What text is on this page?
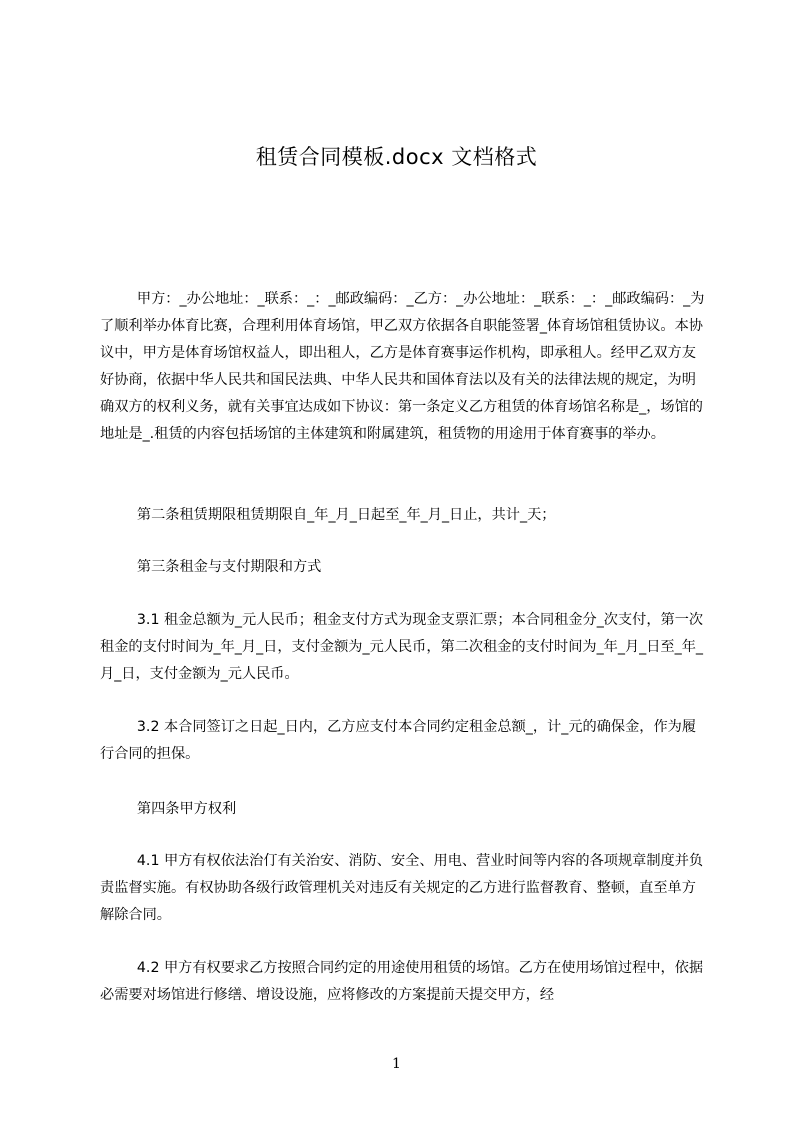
租赁合同模板.docx 文档格式

甲方：_办公地址：_联系：_：_邮政编码：_乙方：_办公地址：_联系：_：_邮政编码：_为了顺利举办体育比赛，合理利用体育场馆，甲乙双方依据各自职能签署_体育场馆租赁协议。本协议中，甲方是体育场馆权益人，即出租人，乙方是体育赛事运作机构，即承租人。经甲乙双方友好协商，依据中华人民共和国民法典、中华人民共和国体育法以及有关的法律法规的规定，为明确双方的权利义务，就有关事宜达成如下协议：第一条定义乙方租赁的体育场馆名称是_，场馆的地址是_.租赁的内容包括场馆的主体建筑和附属建筑，租赁物的用途用于体育赛事的举办。

第二条租赁期限租赁期限自_年_月_日起至_年_月_日止，共计_天；

第三条租金与支付期限和方式

3.1 租金总额为_元人民币；租金支付方式为现金支票汇票；本合同租金分_次支付，第一次租金的支付时间为_年_月_日，支付金额为_元人民币，第二次租金的支付时间为_年_月_日至_年_月_日，支付金额为_元人民币。

3.2 本合同签订之日起_日内，乙方应支付本合同约定租金总额_，计_元的确保金，作为履行合同的担保。

第四条甲方权利

4.1 甲方有权依法治仃有关治安、消防、安全、用电、营业时间等内容的各项规章制度并负责监督实施。有权协助各级行政管理机关对违反有关规定的乙方进行监督教育、整顿，直至单方解除合同。

4.2 甲方有权要求乙方按照合同约定的用途使用租赁的场馆。乙方在使用场馆过程中，依据必需要对场馆进行修缮、增设设施，应将修改的方案提前天提交甲方，经

1
